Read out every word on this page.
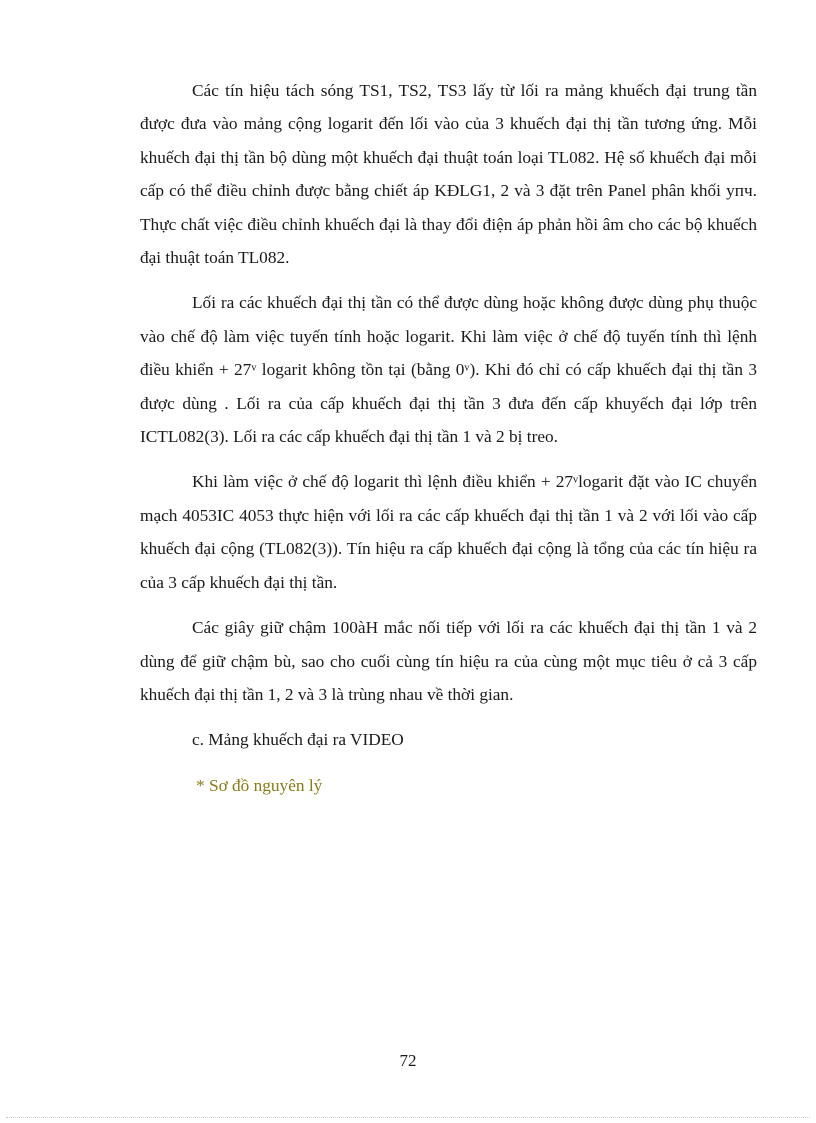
Các tín hiệu tách sóng TS1, TS2, TS3 lấy từ lối ra mảng khuếch đại trung tần được đưa vào mảng cộng logarit đến lối vào của 3 khuếch đại thị tần tương ứng. Mỗi khuếch đại thị tần bộ dùng một khuếch đại thuật toán loại TL082. Hệ số khuếch đại mỗi cấp có thể điều chỉnh được bằng chiết áp KĐLG1, 2 và 3 đặt trên Panel phân khối yпч. Thực chất việc điều chỉnh khuếch đại là thay đổi điện áp phản hồi âm cho các bộ khuếch đại thuật toán TL082.

Lối ra các khuếch đại thị tần có thể được dùng hoặc không được dùng phụ thuộc vào chế độ làm việc tuyến tính hoặc logarit. Khi làm việc ở chế độ tuyến tính thì lệnh điều khiển + 27ᵛ logarit không tồn tại (bằng 0ᵛ). Khi đó chỉ có cấp khuếch đại thị tần 3 được dùng . Lối ra của cấp khuếch đại thị tần 3 đưa đến cấp khuyếch đại lớp trên ICTL082(3). Lối ra các cấp khuếch đại thị tần 1 và 2 bị treo.

Khi làm việc ở chế độ logarit thì lệnh điều khiển + 27ᵛlogarit đặt vào IC chuyển mạch 4053IC 4053 thực hiện với lối ra các cấp khuếch đại thị tần 1 và 2 với lối vào cấp khuếch đại cộng (TL082(3)). Tín hiệu ra cấp khuếch đại cộng là tổng của các tín hiệu ra của 3 cấp khuếch đại thị tần.

Các giây giữ chậm 100àH mắc nối tiếp với lối ra các khuếch đại thị tần 1 và 2 dùng để giữ chậm bù, sao cho cuối cùng tín hiệu ra của cùng một mục tiêu ở cả 3 cấp khuếch đại thị tần 1, 2 và 3 là trùng nhau về thời gian.

c. Mảng khuếch đại ra VIDEO

* Sơ đồ nguyên lý

72
